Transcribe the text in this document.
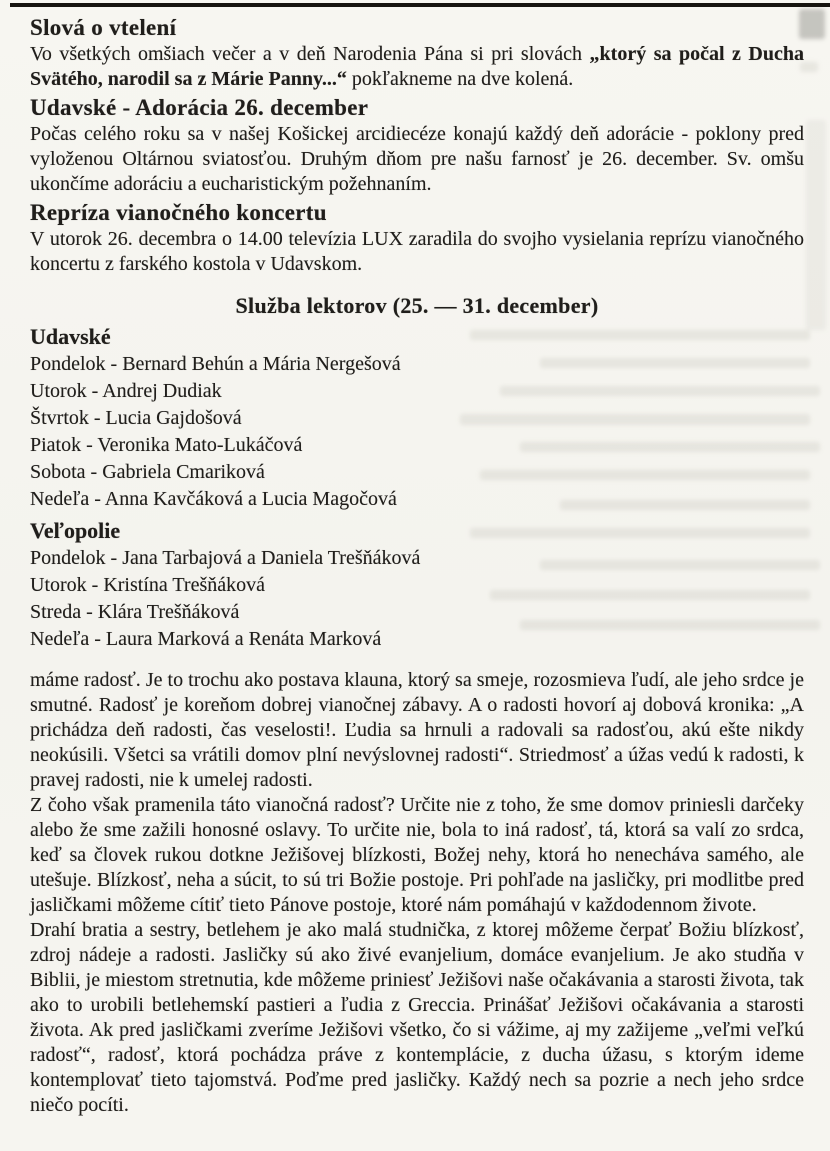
Slová o vtelení

Vo všetkých omšiach večer a v deň Narodenia Pána si pri slovách „ktorý sa počal z Ducha Svätého, narodil sa z Márie Panny...“ pokľakneme na dve kolená.

Udavské - Adorácia 26. december

Počas celého roku sa v našej Košickej arcidiecéze konajú každý deň adorácie - poklony pred vyloženou Oltárnou sviatosťou. Druhým dňom pre našu farnosť je 26. december. Sv. omšu ukončíme adoráciu a eucharistickým požehnaním.

Repríza vianočného koncertu

V utorok 26. decembra o 14.00 televízia LUX zaradila do svojho vysielania reprízu vianočného koncertu z farského kostola v Udavskom.

Služba lektorov (25. — 31. december)
Udavské
Pondelok - Bernard Behún a Mária Nergešová
Utorok - Andrej Dudiak
Štvrtok - Lucia Gajdošová
Piatok - Veronika Mato-Lukáčová
Sobota - Gabriela Cmariková
Nedeľa - Anna Kavčáková a Lucia Magočová
Veľopolie
Pondelok - Jana Tarbajová a Daniela Trešňáková
Utorok - Kristína Trešňáková
Streda - Klára Trešňáková
Nedeľa - Laura Marková a Renáta Marková

máme radosť. Je to trochu ako postava klauna, ktorý sa smeje, rozosmieva ľudí, ale jeho srdce je smutné. Radosť je koreňom dobrej vianočnej zábavy. A o radosti hovorí aj dobová kronika: „A prichádza deň radosti, čas veselosti!. Ľudia sa hrnuli a radovali sa radosťou, akú ešte nikdy neokúsili. Všetci sa vrátili domov plní nevýslovnej radosti“. Striedmosť a úžas vedú k radosti, k pravej radosti, nie k umelej radosti.

Z čoho však pramenila táto vianočná radosť? Určite nie z toho, že sme domov priniesli darčeky alebo že sme zažili honosné oslavy. To určite nie, bola to iná radosť, tá, ktorá sa valí zo srdca, keď sa človek rukou dotkne Ježišovej blízkosti, Božej nehy, ktorá ho nenecháva samého, ale utešuje. Blízkosť, neha a súcit, to sú tri Božie postoje. Pri pohľade na jasličky, pri modlitbe pred jasličkami môžeme cítiť tieto Pánove postoje, ktoré nám pomáhajú v každodennom živote.

Drahí bratia a sestry, betlehem je ako malá studnička, z ktorej môžeme čerpať Božiu blízkosť, zdroj nádeje a radosti. Jasličky sú ako živé evanjelium, domáce evanjelium. Je ako studňa v Biblii, je miestom stretnutia, kde môžeme priniesť Ježišovi naše očakávania a starosti života, tak ako to urobili betlehemskí pastieri a ľudia z Greccia. Prinášať Ježišovi očakávania a starosti života. Ak pred jasličkami zveríme Ježišovi všetko, čo si vážime, aj my zažijeme „veľmi veľkú radosť“, radosť, ktorá pochádza práve z kontemplácie, z ducha úžasu, s ktorým ideme kontemplovať tieto tajomstvá. Poďme pred jasličky. Každý nech sa pozrie a nech jeho srdce niečo pocíti.
